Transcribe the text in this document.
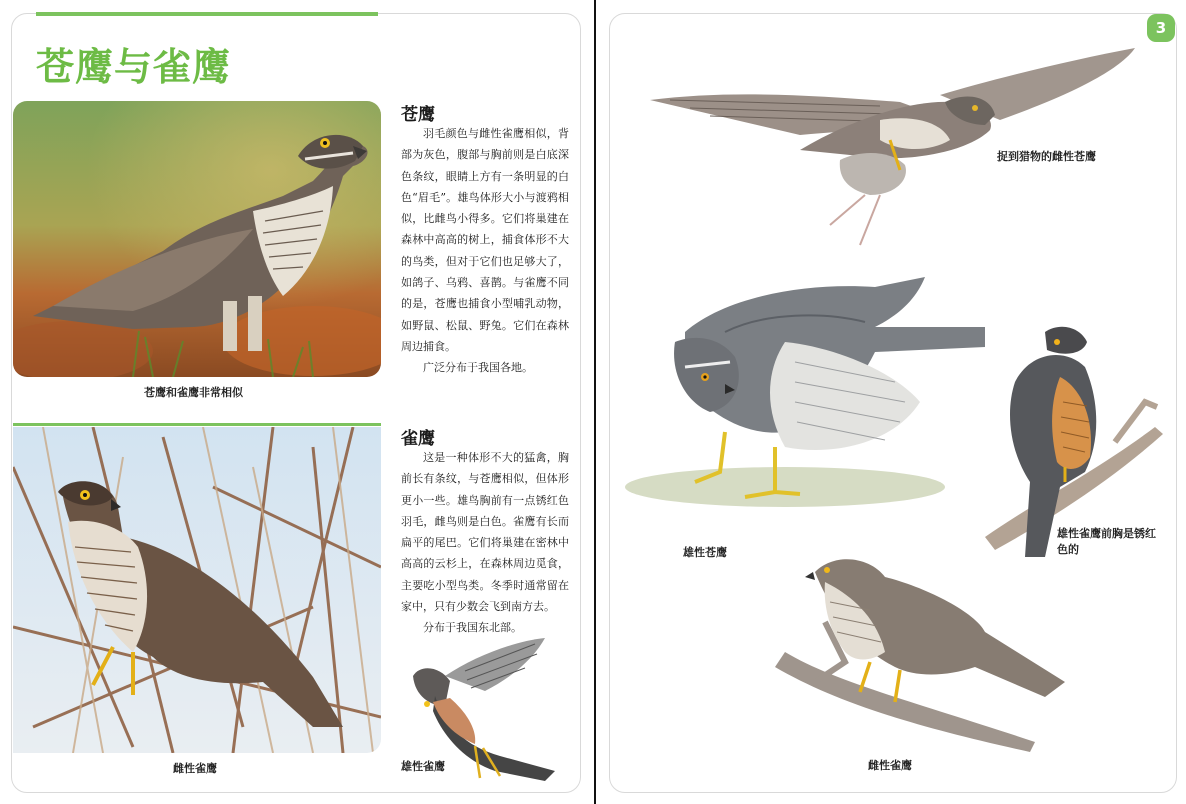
苍鹰与雀鹰
苍鹰和雀鹰非常相似
苍鹰

羽毛颜色与雌性雀鹰相似，背部为灰色，腹部与胸前则是白底深色条纹，眼睛上方有一条明显的白色“眉毛”。雄鸟体形大小与渡鸦相似，比雌鸟小得多。它们将巢建在森林中高高的树上，捕食体形不大的鸟类，但对于它们也足够大了，如鸽子、乌鸦、喜鹊。与雀鹰不同的是，苍鹰也捕食小型哺乳动物，如野鼠、松鼠、野兔。它们在森林周边捕食。

广泛分布于我国各地。

雌性雀鹰
雀鹰

这是一种体形不大的猛禽，胸前长有条纹，与苍鹰相似，但体形更小一些。雄鸟胸前有一点锈红色羽毛，雌鸟则是白色。雀鹰有长而扁平的尾巴。它们将巢建在密林中高高的云杉上，在森林周边觅食，主要吃小型鸟类。冬季时通常留在家中，只有少数会飞到南方去。

分布于我国东北部。

雄性雀鹰
3
捉到猎物的雌性苍鹰
雄性苍鹰
雄性雀鹰前胸是锈红色的
雌性雀鹰
